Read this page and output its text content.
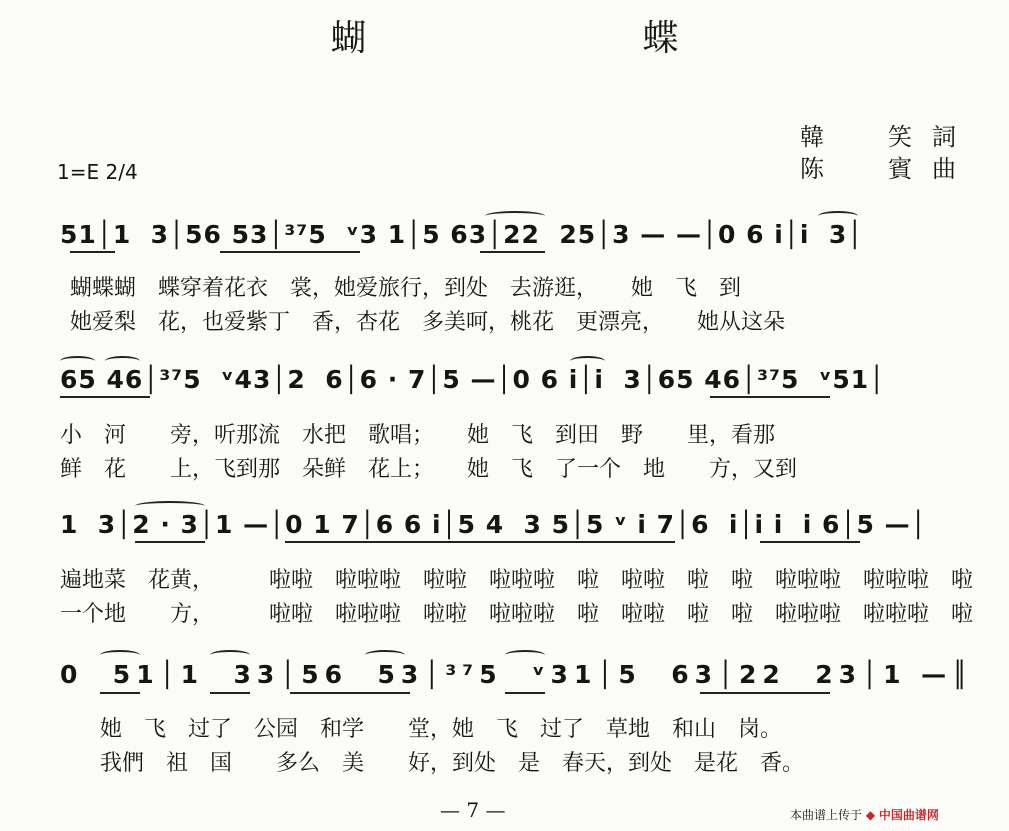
蝴　蝶
韓　笑詞
陈　賓曲
1=E 2/4
51│1  3│56 53│³⁷5  ᵛ3 1│5 63│22  25│3 — —│0 6 i│i  3│
蝴蝶蝴　蝶穿着花衣　裳，她爱旅行，到处　去游逛，　　她　飞　到
她爱梨　花，也爱紫丁　香，杏花　多美呵，桃花　更漂亮，　　她从这朵
65 46│³⁷5  ᵛ43│2  6│6 · 7│5 —│0 6 i│i  3│65 46│³⁷5  ᵛ51│
小　河　　旁，听那流　水把　歌唱；　　她　飞　到田　野　　里，看那
鲜　花　　上，飞到那　朵鲜　花上；　　她　飞　了一个　地　　方，又到
1  3│2 · 3│1 —│0 1 7│6 6 i│5 4  3 5│5 ᵛ i 7│6  i│i i  i 6│5 —│
遍地菜　花黄，　　　啦啦　啦啦啦　啦啦　啦啦啦　啦　啦啦　啦　啦　啦啦啦　啦啦啦　啦
一个地　　方，　　　啦啦　啦啦啦　啦啦　啦啦啦　啦　啦啦　啦　啦　啦啦啦　啦啦啦　啦
0  51│1  33│56  53│³⁷5  ᵛ31│5  63│22  23│1 —║
她　飞　过了　公园　和学　　堂，她　飞　过了　草地　和山　岗。
我們　祖　国　　多么　美　　好，到处　是　春天，到处　是花　香。
— 7 —	本曲谱上传于 ◆ 中国曲谱网
